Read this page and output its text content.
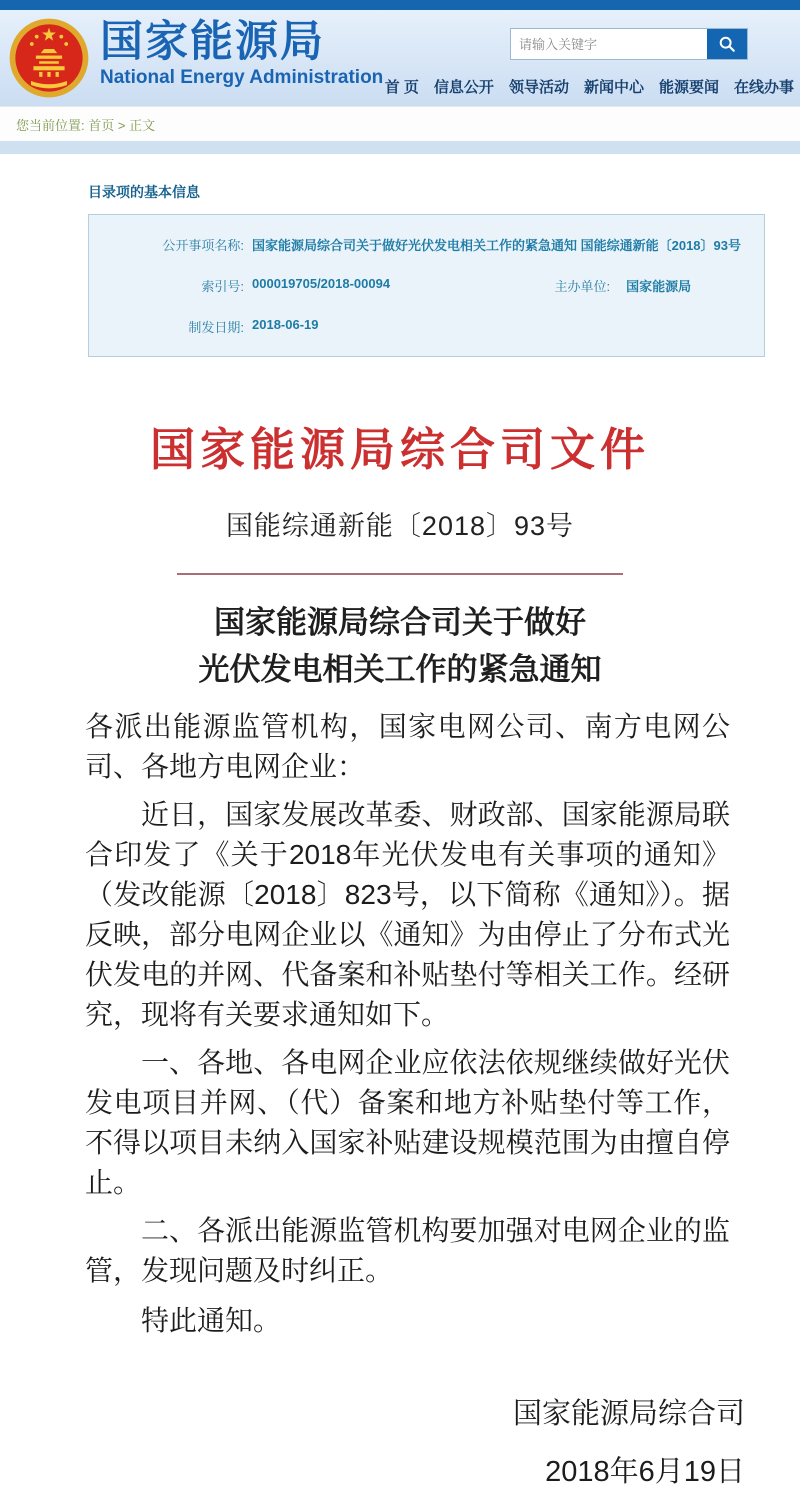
国家能源局
National Energy Administration
请输入关键字 首 页 信息公开 领导活动 新闻中心 能源要闻 在线办事
您当前位置: 首页 > 正文
目录项的基本信息
公开事项名称: 国家能源局综合司关于做好光伏发电相关工作的紧急通知 国能综通新能〔2018〕93号
索引号: 000019705/2018-00094	主办单位: 国家能源局
制发日期: 2018-06-19
国家能源局综合司文件
国能综通新能〔2018〕93号
国家能源局综合司关于做好
光伏发电相关工作的紧急通知

各派出能源监管机构，国家电网公司、南方电网公司、各地方电网企业：

近日，国家发展改革委、财政部、国家能源局联合印发了《关于2018年光伏发电有关事项的通知》（发改能源〔2018〕823号，以下简称《通知》）。据反映，部分电网企业以《通知》为由停止了分布式光伏发电的并网、代备案和补贴垫付等相关工作。经研究，现将有关要求通知如下。

一、各地、各电网企业应依法依规继续做好光伏发电项目并网、（代）备案和地方补贴垫付等工作，不得以项目未纳入国家补贴建设规模范围为由擅自停止。

二、各派出能源监管机构要加强对电网企业的监管，发现问题及时纠正。

特此通知。

国家能源局综合司
2018年6月19日
